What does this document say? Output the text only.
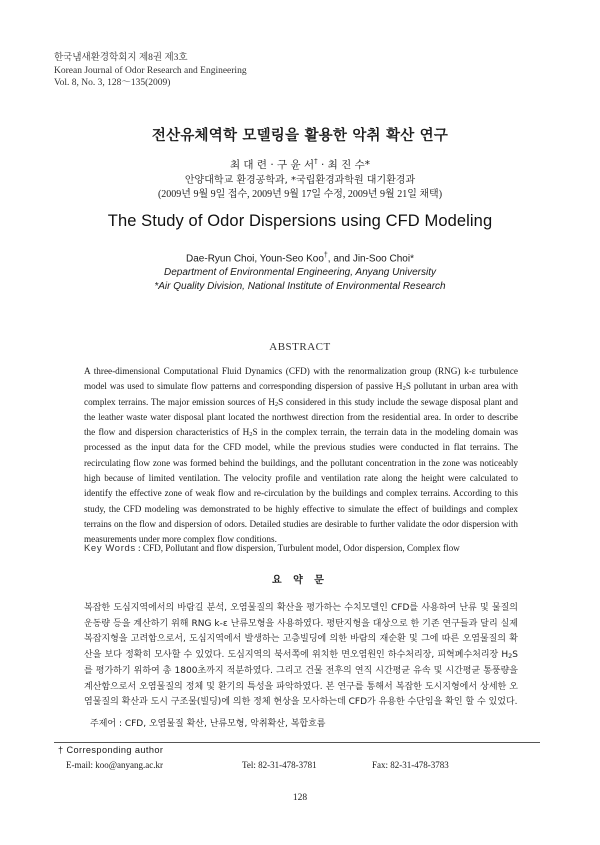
한국냄새환경학회지 제8권 제3호
Korean Journal of Odor Research and Engineering
Vol. 8, No. 3, 128～135(2009)
전산유체역학 모델링을 활용한 악취 확산 연구
최 대 련 · 구 윤 서† · 최 진 수*
안양대학교 환경공학과, *국립환경과학원 대기환경과
(2009년 9월 9일 접수, 2009년 9월 17일 수정, 2009년 9월 21일 채택)
The Study of Odor Dispersions using CFD Modeling
Dae-Ryun Choi, Youn-Seo Koo†, and Jin-Soo Choi*
Department of Environmental Engineering, Anyang University
*Air Quality Division, National Institute of Environmental Research
ABSTRACT

A three-dimensional Computational Fluid Dynamics (CFD) with the renormalization group (RNG) k-ε turbulence model was used to simulate flow patterns and corresponding dispersion of passive $H_2S$ pollutant in urban area with complex terrains. The major emission sources of $H_2S$ considered in this study include the sewage disposal plant and the leather waste water disposal plant located the northwest direction from the residential area. In order to describe the flow and dispersion characteristics of $H_2S$ in the complex terrain, the terrain data in the modeling domain was processed as the input data for the CFD model, while the previous studies were conducted in flat terrains. The recirculating flow zone was formed behind the buildings, and the pollutant concentration in the zone was noticeably high because of limited ventilation. The velocity profile and ventilation rate along the height were calculated to identify the effective zone of weak flow and re-circulation by the buildings and complex terrains. According to this study, the CFD modeling was demonstrated to be highly effective to simulate the effect of buildings and complex terrains on the flow and dispersion of odors. Detailed studies are desirable to further validate the odor dispersion with measurements under more complex flow conditions.

Key Words : CFD, Pollutant and flow dispersion, Turbulent model, Odor dispersion, Complex flow
요 약 문

복잡한 도심지역에서의 바람길 분석, 오염물질의 확산을 평가하는 수치모델인 CFD를 사용하여 난류 및 물질의 운동량 등을 계산하기 위해 RNG k-ε 난류모형을 사용하였다. 평탄지형을 대상으로 한 기존 연구들과 달리 실제 복잡지형을 고려함으로서, 도심지역에서 발생하는 고층빌딩에 의한 바람의 재순환 및 그에 따른 오염물질의 확산을 보다 정확히 모사할 수 있었다. 도심지역의 북서쪽에 위치한 면오염원인 하수처리장, 피혁폐수처리장 $H_2S$를 평가하기 위하여 총 1800초까지 적분하였다. 그리고 건물 전후의 연직 시간평균 유속 및 시간평균 통풍량을 계산함으로서 오염물질의 정체 및 환기의 특성을 파악하였다. 본 연구를 통해서 복잡한 도시지형에서 상세한 오염물질의 확산과 도시 구조물(빌딩)에 의한 정체 현상을 모사하는데 CFD가 유용한 수단임을 확인 할 수 있었다.

주제어 : CFD, 오염물질 확산, 난류모형, 악취확산, 복합흐름
† Corresponding author
E-mail: koo@anyang.ac.kr	Tel: 82-31-478-3781	Fax: 82-31-478-3783
128
